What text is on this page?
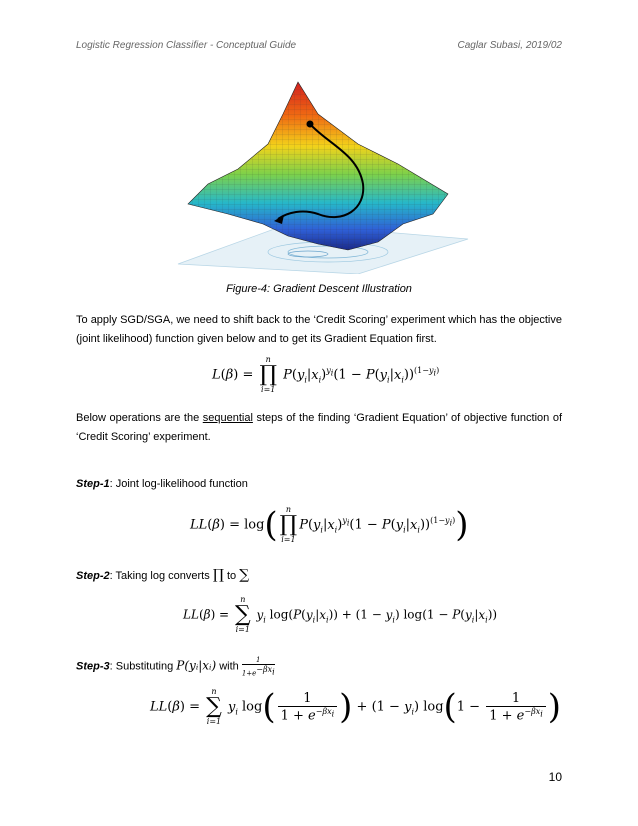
Logistic Regression Classifier - Conceptual Guide	Caglar Subasi, 2019/02
Figure-4: Gradient Descent Illustration
To apply SGD/SGA, we need to shift back to the ‘Credit Scoring’ experiment which has the objective (joint likelihood) function given below and to get its Gradient Equation first.
L(β) =
n
∏
i=1
$P(y_i|x_i)^{y_i}(1 - P(y_i|x_i))^{(1-y_i)}$
Below operations are the sequential steps of the finding ‘Gradient Equation’ of objective function of ‘Credit Scoring’ experiment.
Step-1: Joint log-likelihood function
LL(β) = log(	n
∏
i=1
$P(y_i|x_i)^{y_i}(1 - P(y_i|x_i))^{(1-y_i)}$)
Step-2: Taking log converts ∏ to ∑
LL(β) =
n
∑
i=1
$y_i$ $\log(P(y_i|x_i)) + (1 - y_i) \log(1 - P(y_i|x_i))$
Step-3: Substituting P(yᵢ|xᵢ) with
1
$1+e^{-\beta x_i}$
LL(β) =
n
∑
i=1
$y_i$ $\log( \frac{1}{1 + e^{-\beta x_i}}$ ) + $(1 - y_i)$ $\log(1 - \frac{1}{1 + e^{-\beta x_i}}$ )
10
